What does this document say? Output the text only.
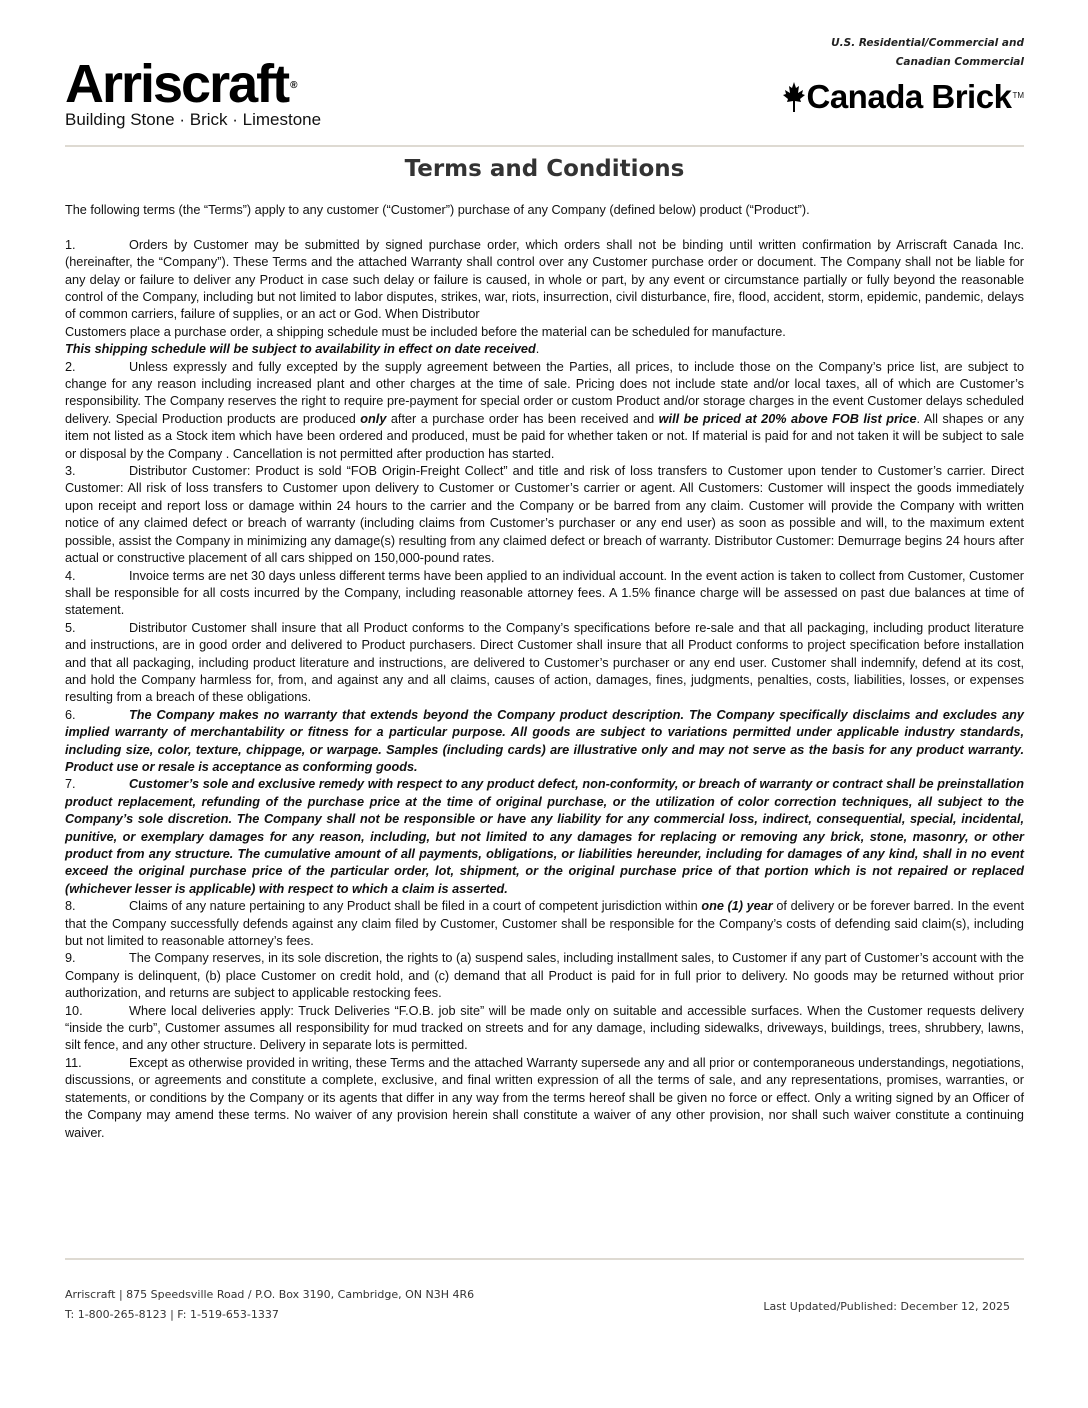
Arriscraft ®
Building Stone · Brick · Limestone
U.S. Residential/Commercial and
Canadian Commercial
Canada Brick TM
Terms and Conditions

The following terms (the “Terms”) apply to any customer (“Customer”) purchase of any Company (defined below) product (“Product”).

1.	Orders by Customer may be submitted by signed purchase order, which orders shall not be binding until written confirmation by Arriscraft Canada Inc. (hereinafter, the “Company”). These Terms and the attached Warranty shall control over any Customer purchase order or document. The Company shall not be liable for any delay or failure to deliver any Product in case such delay or failure is caused, in whole or part, by any event or circumstance partially or fully beyond the reasonable control of the Company, including but not limited to labor disputes, strikes, war, riots, insurrection, civil disturbance, fire, flood, accident, storm, epidemic, pandemic, delays of common carriers, failure of supplies, or an act or God. When Distributor

Customers place a purchase order, a shipping schedule must be included before the material can be scheduled for manufacture.

This shipping schedule will be subject to availability in effect on date received.

2.	Unless expressly and fully excepted by the supply agreement between the Parties, all prices, to include those on the Company’s price list, are subject to change for any reason including increased plant and other charges at the time of sale. Pricing does not include state and/or local taxes, all of which are Customer’s responsibility. The Company reserves the right to require pre-payment for special order or custom Product and/or storage charges in the event Customer delays scheduled delivery. Special Production products are produced only after a purchase order has been received and will be priced at 20% above FOB list price. All shapes or any item not listed as a Stock item which have been ordered and produced, must be paid for whether taken or not. If material is paid for and not taken it will be subject to sale or disposal by the Company . Cancellation is not permitted after production has started.

3.	Distributor Customer: Product is sold “FOB Origin-Freight Collect” and title and risk of loss transfers to Customer upon tender to Customer’s carrier. Direct Customer: All risk of loss transfers to Customer upon delivery to Customer or Customer’s carrier or agent. All Customers: Customer will inspect the goods immediately upon receipt and report loss or damage within 24 hours to the carrier and the Company or be barred from any claim. Customer will provide the Company with written notice of any claimed defect or breach of warranty (including claims from Customer’s purchaser or any end user) as soon as possible and will, to the maximum extent possible, assist the Company in minimizing any damage(s) resulting from any claimed defect or breach of warranty. Distributor Customer: Demurrage begins 24 hours after actual or constructive placement of all cars shipped on 150,000-pound rates.

4.	Invoice terms are net 30 days unless different terms have been applied to an individual account. In the event action is taken to collect from Customer, Customer shall be responsible for all costs incurred by the Company, including reasonable attorney fees. A 1.5% finance charge will be assessed on past due balances at time of statement.

5.	Distributor Customer shall insure that all Product conforms to the Company’s specifications before re-sale and that all packaging, including product literature and instructions, are in good order and delivered to Product purchasers. Direct Customer shall insure that all Product conforms to project specification before installation and that all packaging, including product literature and instructions, are delivered to Customer’s purchaser or any end user. Customer shall indemnify, defend at its cost, and hold the Company harmless for, from, and against any and all claims, causes of action, damages, fines, judgments, penalties, costs, liabilities, losses, or expenses resulting from a breach of these obligations.

6.	The Company makes no warranty that extends beyond the Company product description. The Company specifically disclaims and excludes any implied warranty of merchantability or fitness for a particular purpose. All goods are subject to variations permitted under applicable industry standards, including size, color, texture, chippage, or warpage. Samples (including cards) are illustrative only and may not serve as the basis for any product warranty. Product use or resale is acceptance as conforming goods.

7.	Customer’s sole and exclusive remedy with respect to any product defect, non-conformity, or breach of warranty or contract shall be preinstallation product replacement, refunding of the purchase price at the time of original purchase, or the utilization of color correction techniques, all subject to the Company’s sole discretion. The Company shall not be responsible or have any liability for any commercial loss, indirect, consequential, special, incidental, punitive, or exemplary damages for any reason, including, but not limited to any damages for replacing or removing any brick, stone, masonry, or other product from any structure. The cumulative amount of all payments, obligations, or liabilities hereunder, including for damages of any kind, shall in no event exceed the original purchase price of the particular order, lot, shipment, or the original purchase price of that portion which is not repaired or replaced (whichever lesser is applicable) with respect to which a claim is asserted.

8.	Claims of any nature pertaining to any Product shall be filed in a court of competent jurisdiction within one (1) year of delivery or be forever barred. In the event that the Company successfully defends against any claim filed by Customer, Customer shall be responsible for the Company’s costs of defending said claim(s), including but not limited to reasonable attorney’s fees.

9.	The Company reserves, in its sole discretion, the rights to (a) suspend sales, including installment sales, to Customer if any part of Customer’s account with the Company is delinquent, (b) place Customer on credit hold, and (c) demand that all Product is paid for in full prior to delivery. No goods may be returned without prior authorization, and returns are subject to applicable restocking fees.

10.	Where local deliveries apply: Truck Deliveries “F.O.B. job site” will be made only on suitable and accessible surfaces. When the Customer requests delivery “inside the curb”, Customer assumes all responsibility for mud tracked on streets and for any damage, including sidewalks, driveways, buildings, trees, shrubbery, lawns, silt fence, and any other structure. Delivery in separate lots is permitted.

11.	Except as otherwise provided in writing, these Terms and the attached Warranty supersede any and all prior or contemporaneous understandings, negotiations, discussions, or agreements and constitute a complete, exclusive, and final written expression of all the terms of sale, and any representations, promises, warranties, or statements, or conditions by the Company or its agents that differ in any way from the terms hereof shall be given no force or effect. Only a writing signed by an Officer of the Company may amend these terms. No waiver of any provision herein shall constitute a waiver of any other provision, nor shall such waiver constitute a continuing waiver.

Arriscraft | 875 Speedsville Road / P.O. Box 3190, Cambridge, ON N3H 4R6
T: 1-800-265-8123 | F: 1-519-653-1337
Last Updated/Published: December 12, 2025
